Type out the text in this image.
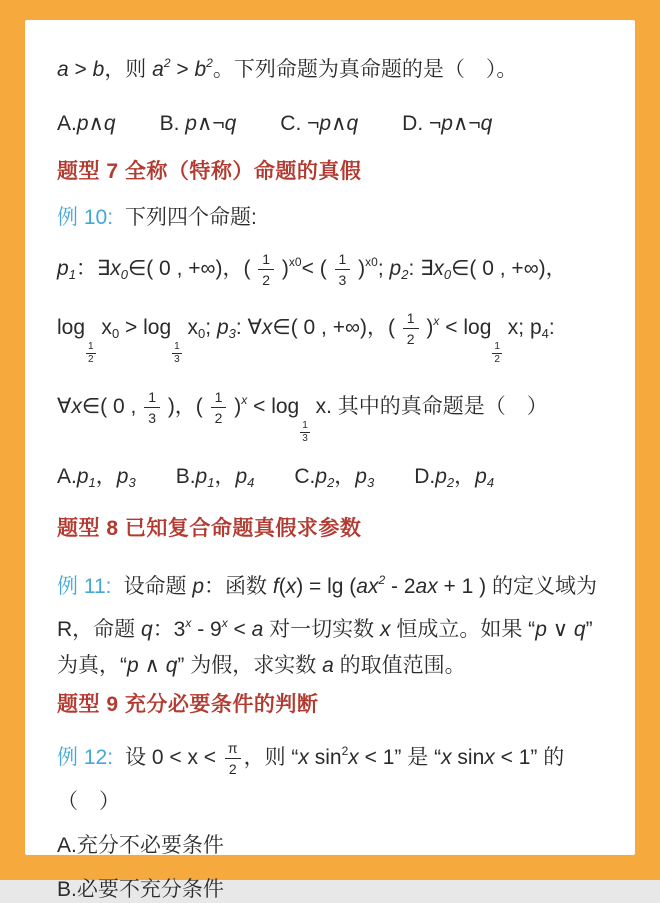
a > b，则 $a^2 > b^2$。下列命题为真命题的是（　）。
A.p∧q B. p∧¬q C. ¬p∧q D. ¬p∧¬q
题型 7 全称（特称）命题的真假
例 10: 下列四个命题:
p1：∃x0∈( 0 , +∞)，( $\frac{1}{2} )^{x0}<$ ( $\frac{1}{3} )^{x0}$; p2: ∃x0∈( 0 , +∞)，
log
$\frac{1}{2}$
x0 > log
$\frac{1}{3}$
x0; p3: ∀x∈( 0 , +∞)，( $\frac{1}{2} )^x < \log$
$\frac{1}{2}$
x; p4:
∀x∈( 0 , $\frac{1}{3}$ )，( $\frac{1}{2} )^x < \log$
$\frac{1}{3}$
x. 其中的真命题是（　）
A.p1，p3 B.p1，p4 C.p2，p3 D.p2，p4
题型 8 已知复合命题真假求参数
例 11: 设命题 p：函数 $f(x) = \lg (ax^2 - 2ax + 1$ ) 的定义域为 R，命题 q：$3^x - 9^x < a$ 对一切实数 x 恒成立。如果 “p ∨ q” 为真，“p ∧ q” 为假，求实数 a 的取值范围。
题型 9 充分必要条件的判断
例 12: 设 $0 < x < \frac{\pi}{2}$ ，则 “x $\sin^2x < 1$” 是 “x sinx < 1” 的
（　）
A.充分不必要条件
B.必要不充分条件
